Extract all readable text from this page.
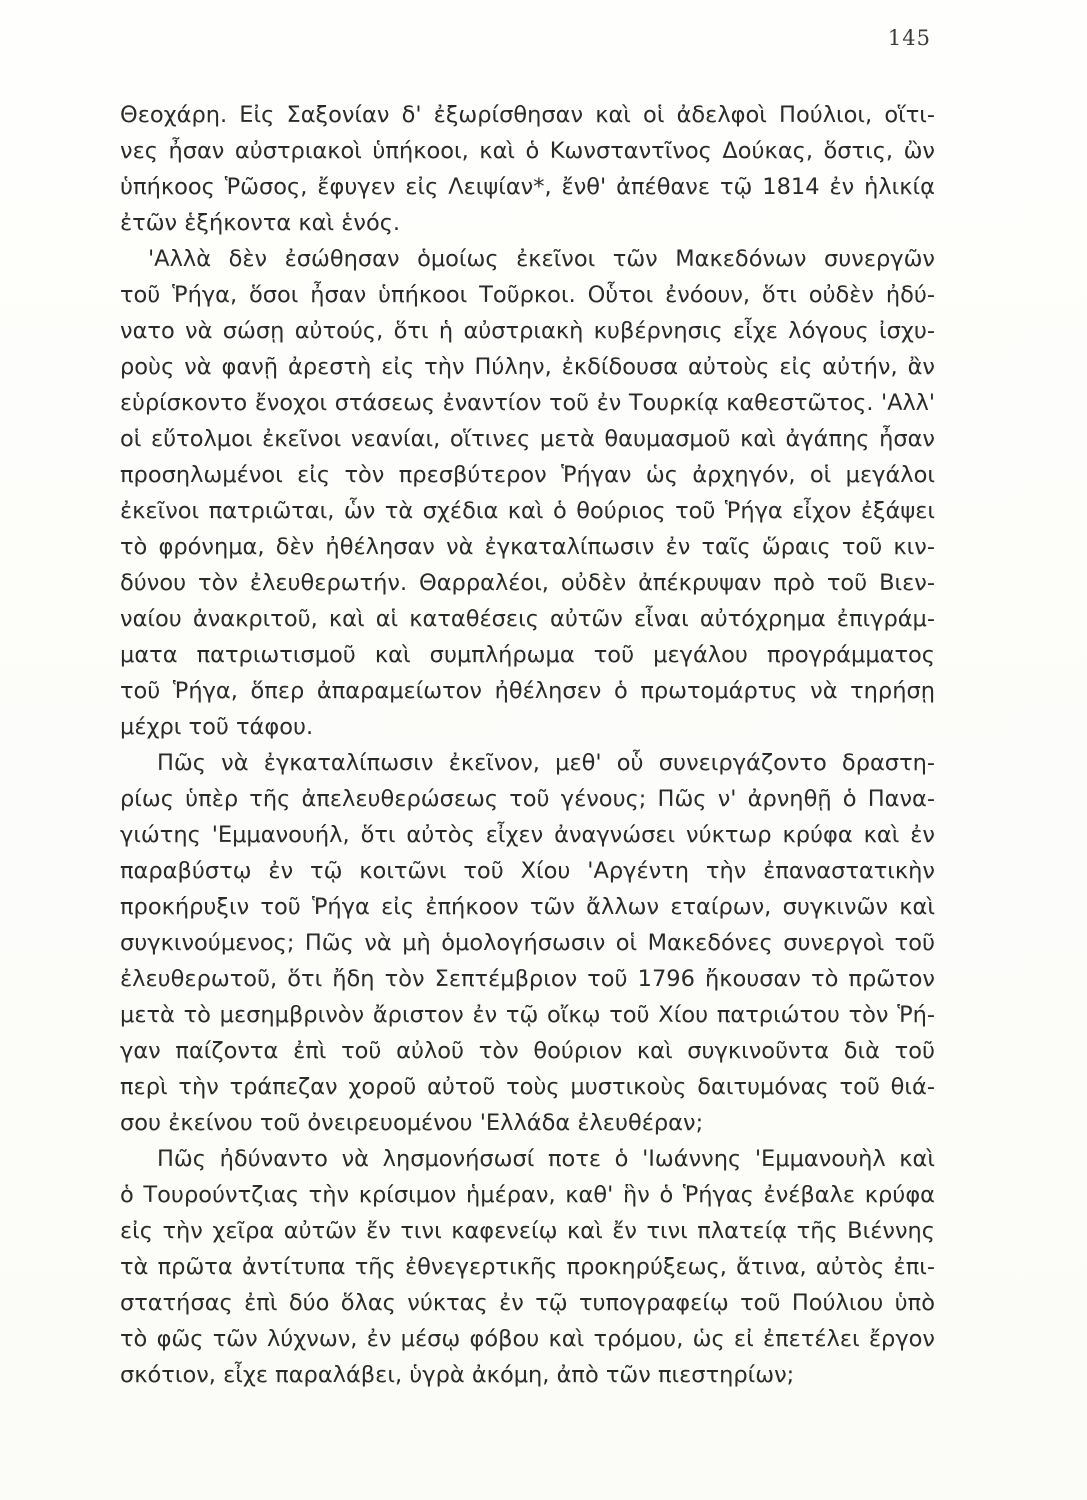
145
Θεοχάρη. Εἰς Σαξονίαν δ' ἐξωρίσθησαν καὶ οἱ ἀδελφοὶ Πούλιοι, οἵτι-
νες ἦσαν αὐστριακοὶ ὑπήκοοι, καὶ ὁ Κωνσταντῖνος Δούκας, ὅστις, ὢν
ὑπήκοος Ῥῶσος, ἔφυγεν εἰς Λειψίαν*, ἔνθ' ἀπέθανε τῷ 1814 ἐν ἡλικίᾳ
ἐτῶν ἑξήκοντα καὶ ἑνός.
'Αλλὰ δὲν ἐσώθησαν ὁμοίως ἐκεῖνοι τῶν Μακεδόνων συνεργῶν
τοῦ Ῥήγα, ὅσοι ἦσαν ὑπήκοοι Τοῦρκοι. Οὗτοι ἐνόουν, ὅτι οὐδὲν ἠδύ-
νατο νὰ σώσῃ αὐτούς, ὅτι ἡ αὐστριακὴ κυβέρνησις εἶχε λόγους ἰσχυ-
ροὺς νὰ φανῇ ἀρεστὴ εἰς τὴν Πύλην, ἐκδίδουσα αὐτοὺς εἰς αὐτήν, ἂν
εὑρίσκοντο ἔνοχοι στάσεως ἐναντίον τοῦ ἐν Τουρκίᾳ καθεστῶτος. 'Αλλ'
οἱ εὔτολμοι ἐκεῖνοι νεανίαι, οἵτινες μετὰ θαυμασμοῦ καὶ ἀγάπης ἦσαν
προσηλωμένοι εἰς τὸν πρεσβύτερον Ῥήγαν ὡς ἀρχηγόν, οἱ μεγάλοι
ἐκεῖνοι πατριῶται, ὧν τὰ σχέδια καὶ ὁ θούριος τοῦ Ῥήγα εἶχον ἐξάψει
τὸ φρόνημα, δὲν ἠθέλησαν νὰ ἐγκαταλίπωσιν ἐν ταῖς ὥραις τοῦ κιν-
δύνου τὸν ἐλευθερωτήν. Θαρραλέοι, οὐδὲν ἀπέκρυψαν πρὸ τοῦ Βιεν-
ναίου ἀνακριτοῦ, καὶ αἱ καταθέσεις αὐτῶν εἶναι αὐτόχρημα ἐπιγράμ-
ματα πατριωτισμοῦ καὶ συμπλήρωμα τοῦ μεγάλου προγράμματος
τοῦ Ῥήγα, ὅπερ ἀπαραμείωτον ἠθέλησεν ὁ πρωτομάρτυς νὰ τηρήσῃ
μέχρι τοῦ τάφου.
Πῶς νὰ ἐγκαταλίπωσιν ἐκεῖνον, μεθ' οὗ συνειργάζοντο δραστη-
ρίως ὑπὲρ τῆς ἀπελευθερώσεως τοῦ γένους; Πῶς ν' ἀρνηθῇ ὁ Πανα-
γιώτης 'Εμμανουήλ, ὅτι αὐτὸς εἶχεν ἀναγνώσει νύκτωρ κρύφα καὶ ἐν
παραβύστῳ ἐν τῷ κοιτῶνι τοῦ Χίου 'Αργέντη τὴν ἐπαναστατικὴν
προκήρυξιν τοῦ Ῥήγα εἰς ἐπήκοον τῶν ἄλλων εταίρων, συγκινῶν καὶ
συγκινούμενος; Πῶς νὰ μὴ ὁμολογήσωσιν οἱ Μακεδόνες συνεργοὶ τοῦ
ἐλευθερωτοῦ, ὅτι ἤδη τὸν Σεπτέμβριον τοῦ 1796 ἤκουσαν τὸ πρῶτον
μετὰ τὸ μεσημβρινὸν ἄριστον ἐν τῷ οἴκῳ τοῦ Χίου πατριώτου τὸν Ῥή-
γαν παίζοντα ἐπὶ τοῦ αὐλοῦ τὸν θούριον καὶ συγκινοῦντα διὰ τοῦ
περὶ τὴν τράπεζαν χοροῦ αὐτοῦ τοὺς μυστικοὺς δαιτυμόνας τοῦ θιά-
σου ἐκείνου τοῦ ὀνειρευομένου 'Ελλάδα ἐλευθέραν;
Πῶς ἠδύναντο νὰ λησμονήσωσί ποτε ὁ 'Ιωάννης 'Εμμανουὴλ καὶ
ὁ Τουρούντζιας τὴν κρίσιμον ἡμέραν, καθ' ἣν ὁ Ῥήγας ἐνέβαλε κρύφα
εἰς τὴν χεῖρα αὐτῶν ἔν τινι καφενείῳ καὶ ἔν τινι πλατείᾳ τῆς Βιέννης
τὰ πρῶτα ἀντίτυπα τῆς ἐθνεγερτικῆς προκηρύξεως, ἅτινα, αὐτὸς ἐπι-
στατήσας ἐπὶ δύο ὅλας νύκτας ἐν τῷ τυπογραφείῳ τοῦ Πούλιου ὑπὸ
τὸ φῶς τῶν λύχνων, ἐν μέσῳ φόβου καὶ τρόμου, ὡς εἰ ἐπετέλει ἔργον
σκότιον, εἶχε παραλάβει, ὑγρὰ ἀκόμη, ἀπὸ τῶν πιεστηρίων;
